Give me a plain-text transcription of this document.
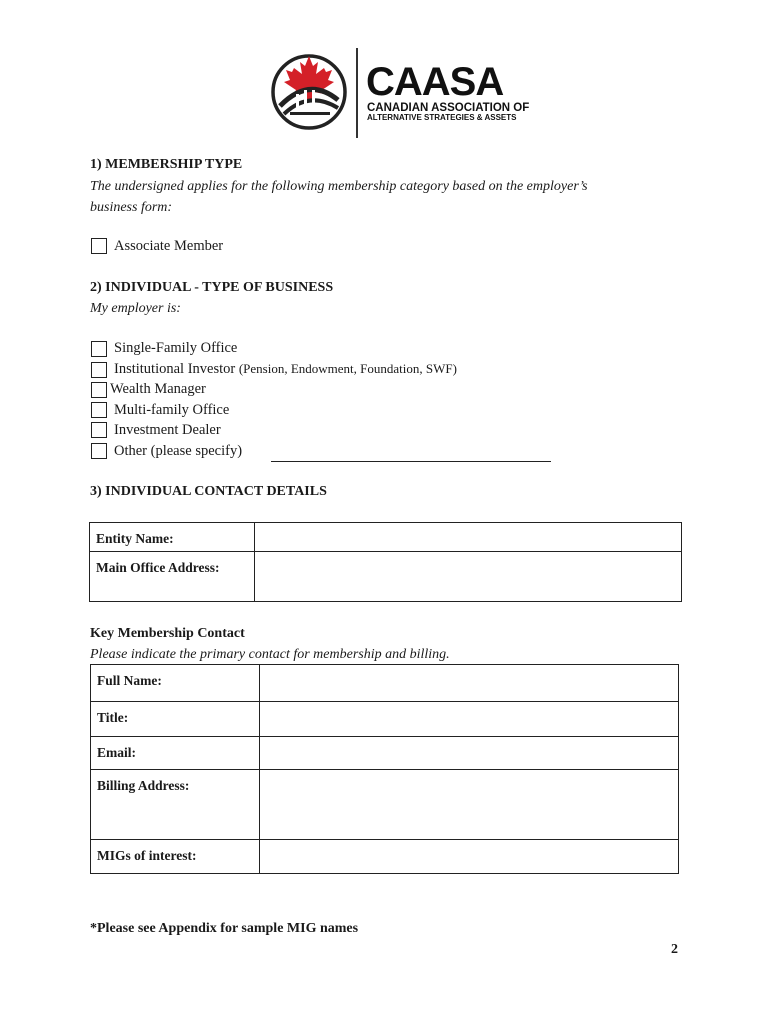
CAASA
CANADIAN ASSOCIATION OF
ALTERNATIVE STRATEGIES & ASSETS
1) MEMBERSHIP TYPE
The undersigned applies for the following membership category based on the employer’s
business form:
Associate Member
2) INDIVIDUAL - TYPE OF BUSINESS
My employer is:
Single-Family Office
Institutional Investor (Pension, Endowment, Foundation, SWF)
Wealth Manager
Multi-family Office
Investment Dealer
Other (please specify)
3) INDIVIDUAL CONTACT DETAILS
Entity Name:	
Main Office Address:	
Key Membership Contact
Please indicate the primary contact for membership and billing.
Full Name:	
Title:	
Email:	
Billing Address:	
MIGs of interest:	
*Please see Appendix for sample MIG names
2
